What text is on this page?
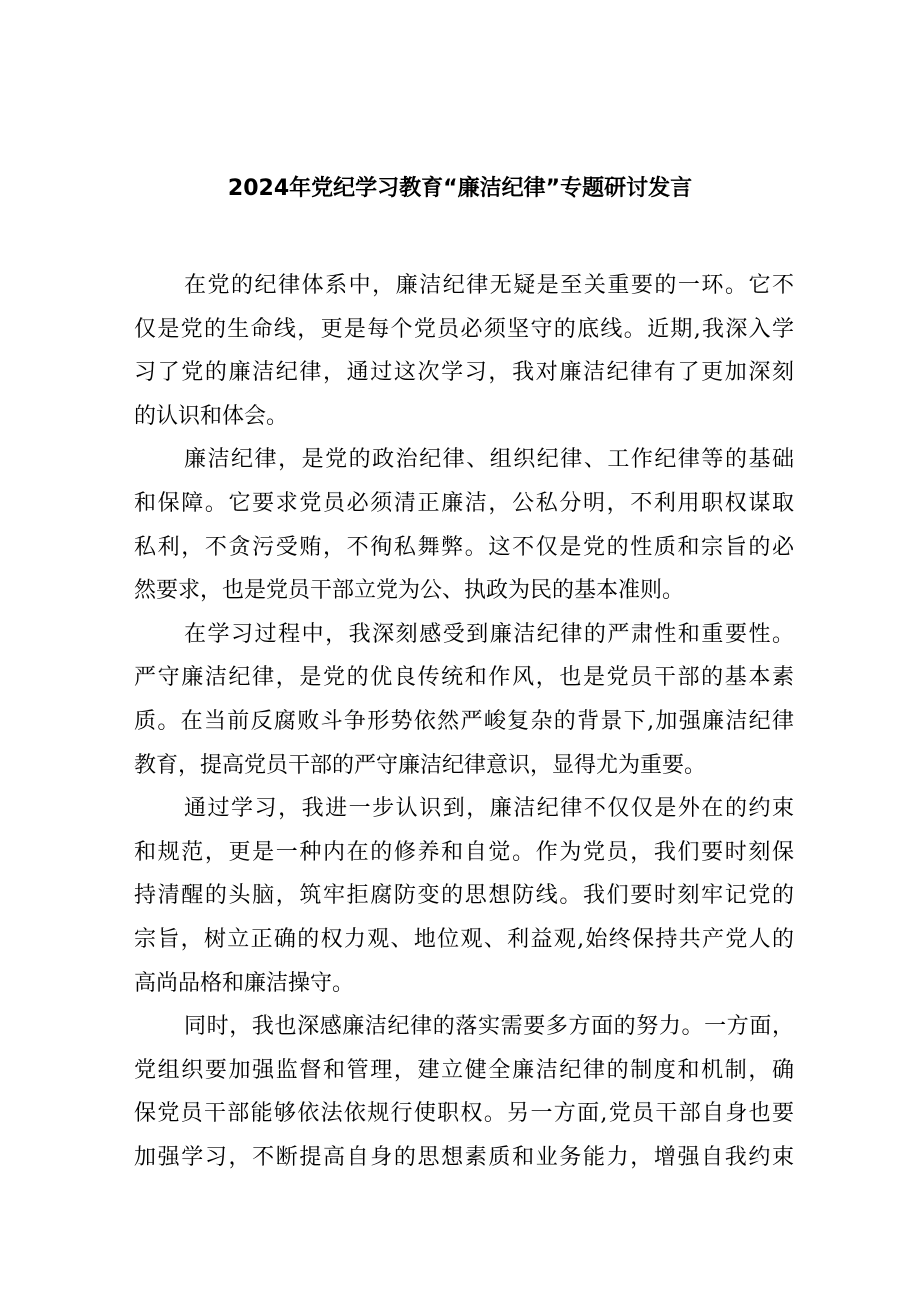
2024年党纪学习教育“廉洁纪律”专题研讨发言
在党的纪律体系中，廉洁纪律无疑是至关重要的一环。它不
仅是党的生命线，更是每个党员必须坚守的底线。近期,我深入学
习了党的廉洁纪律，通过这次学习，我对廉洁纪律有了更加深刻
的认识和体会。
廉洁纪律，是党的政治纪律、组织纪律、工作纪律等的基础
和保障。它要求党员必须清正廉洁，公私分明，不利用职权谋取
私利，不贪污受贿，不徇私舞弊。这不仅是党的性质和宗旨的必
然要求，也是党员干部立党为公、执政为民的基本准则。
在学习过程中，我深刻感受到廉洁纪律的严肃性和重要性。
严守廉洁纪律，是党的优良传统和作风，也是党员干部的基本素
质。在当前反腐败斗争形势依然严峻复杂的背景下,加强廉洁纪律
教育，提高党员干部的严守廉洁纪律意识，显得尤为重要。
通过学习，我进一步认识到，廉洁纪律不仅仅是外在的约束
和规范，更是一种内在的修养和自觉。作为党员，我们要时刻保
持清醒的头脑，筑牢拒腐防变的思想防线。我们要时刻牢记党的
宗旨，树立正确的权力观、地位观、利益观,始终保持共产党人的
高尚品格和廉洁操守。
同时，我也深感廉洁纪律的落实需要多方面的努力。一方面，
党组织要加强监督和管理，建立健全廉洁纪律的制度和机制，确
保党员干部能够依法依规行使职权。另一方面,党员干部自身也要
加强学习，不断提高自身的思想素质和业务能力，增强自我约束
